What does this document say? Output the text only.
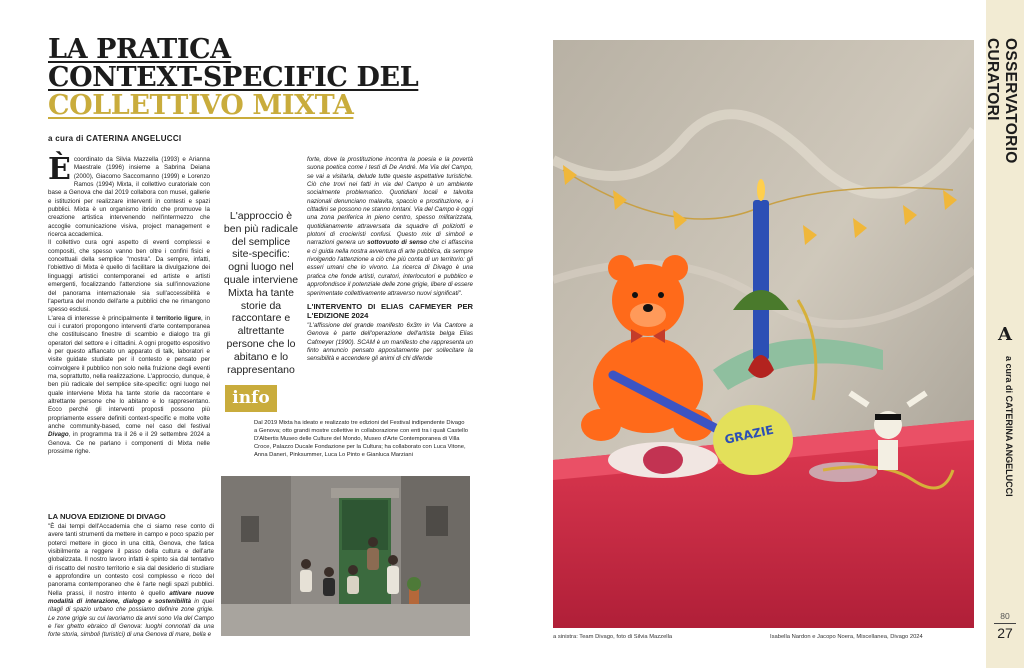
LA PRATICA
CONTEXT-SPECIFIC DEL
COLLETTIVO MIXTA
a cura di CATERINA ANGELUCCI

È coordinato da Silvia Mazzella (1993) e Arianna Maestrale (1996) insieme a Sabrina Deiana (2000), Giacomo Saccomanno (1999) e Lorenzo Ramos (1994) Mixta, il collettivo curatoriale con base a Genova che dal 2019 collabora con musei, gallerie e istituzioni per realizzare interventi in contesti e spazi pubblici. Mixta è un organismo ibrido che promuove la creazione artistica intervenendo nell'intermezzo che accoglie comunicazione visiva, project management e ricerca accademica.

Il collettivo cura ogni aspetto di eventi complessi e compositi, che spesso vanno ben oltre i confini fisici e concettuali della semplice "mostra". Da sempre, infatti, l'obiettivo di Mixta è quello di facilitare la divulgazione dei linguaggi artistici contemporanei ed artiste e artisti emergenti, focalizzando l'attenzione sia sull'innovazione del panorama internazionale sia sull'accessibilità e l'apertura del mondo dell'arte a pubblici che ne rimangono spesso esclusi.

L'area di interesse è principalmente il territorio ligure, in cui i curatori propongono interventi d'arte contemporanea che costituiscano finestre di scambio e dialogo tra gli operatori del settore e i cittadini. A ogni progetto espositivo è per questo affiancato un apparato di talk, laboratori e visite guidate studiate per il contesto e pensato per coinvolgere il pubblico non solo nella fruizione degli eventi ma, soprattutto, nella realizzazione. L'approccio, dunque, è ben più radicale del semplice site-specific: ogni luogo nel quale interviene Mixta ha tante storie da raccontare e altrettante persone che lo abitano e lo rappresentano. Ecco perché gli interventi proposti possono più propriamente essere definiti context-specific e molte volte anche community-based, come nel caso del festival Divago, in programma tra il 26 e il 29 settembre 2024 a Genova. Ce ne parlano i componenti di Mixta nelle prossime righe.

LA NUOVA EDIZIONE DI DIVAGO

"È dai tempi dell'Accademia che ci siamo rese conto di avere tanti strumenti da mettere in campo e poco spazio per poterci mettere in gioco in una città, Genova, che fatica visibilmente a reggere il passo della cultura e dell'arte globalizzata. Il nostro lavoro infatti è spinto sia dal tentativo di riscatto del nostro territorio e sia dal desiderio di studiare e approfondire un contesto così complesso e ricco del panorama contemporaneo che è l'arte negli spazi pubblici. Nella prassi, il nostro intento è quello attivare nuove modalità di interazione, dialogo e sostenibilità in quei ritagli di spazio urbano che possiamo definire zone grigie. Le zone grigie su cui lavoriamo da anni sono Via del Campo e l'ex ghetto ebraico di Genova: luoghi connotati da una forte storia, simboli (turistici) di una Genova di mare, bella e

L'approccio è ben più radicale del semplice site-specific: ogni luogo nel quale interviene Mixta ha tante storie da raccontare e altrettante persone che lo abitano e lo rappresentano

forte, dove la prostituzione incontra la poesia e la povertà suona poetica come i testi di De André. Ma Via del Campo, se vai a visitarla, delude tutte queste aspettative turistiche. Ciò che trovi nei fatti in via del Campo è un ambiente socialmente problematico. Quotidiani locali e talvolta nazionali denunciano malavita, spaccio e prostituzione, e i cittadini se possono ne stanno lontani. Via del Campo è oggi una zona periferica in pieno centro, spesso militarizzata, quotidianamente attraversata da squadre di poliziotti e plotoni di crocieristi confusi. Questo mix di simboli e narrazioni genera un sottovuoto di senso che ci affascina e ci guida nella nostra avventura di arte pubblica, da sempre rivolgendo l'attenzione a ciò che più conta di un territorio: gli esseri umani che lo vivono. La ricerca di Divago è una pratica che fonde artisti, curatori, interlocutori e pubblico e approfondisce il potenziale delle zone grigie, libere di essere sperimentate collettivamente attraverso nuovi significati".

L'INTERVENTO DI ELIAS CAFMEYER PER L'EDIZIONE 2024

"L'affissione del grande manifesto 6x3m in Via Cantore a Genova è parte dell'operazione dell'artista belga Elias Cafmeyer (1990). SCAM è un manifesto che rappresenta un finto annuncio pensato appositamente per sollecitare la sensibilità e accendere gli animi di chi difende

info
Dal 2019 Mixta ha ideato e realizzato tre edizioni del Festival indipendente Divago a Genova; otto grandi mostre collettive in collaborazione con enti tra i quali Castello D'Albertis Museo delle Culture del Mondo, Museo d'Arte Contemporanea di Villa Croce, Palazzo Ducale Fondazione per la Cultura; ha collaborato con Luca Vitone, Anna Daneri, Pinksummer, Luca Lo Pinto e Gianluca Marziani
a sinistra: Team Divago, foto di Silvia Mazzella
GRAZIE
Isabella Nardon e Jacopo Noera, Miscellanea, Divago 2024
OSSERVATORIO CURATORI
A
a cura di CATERINA ANGELUCCI
80
27
